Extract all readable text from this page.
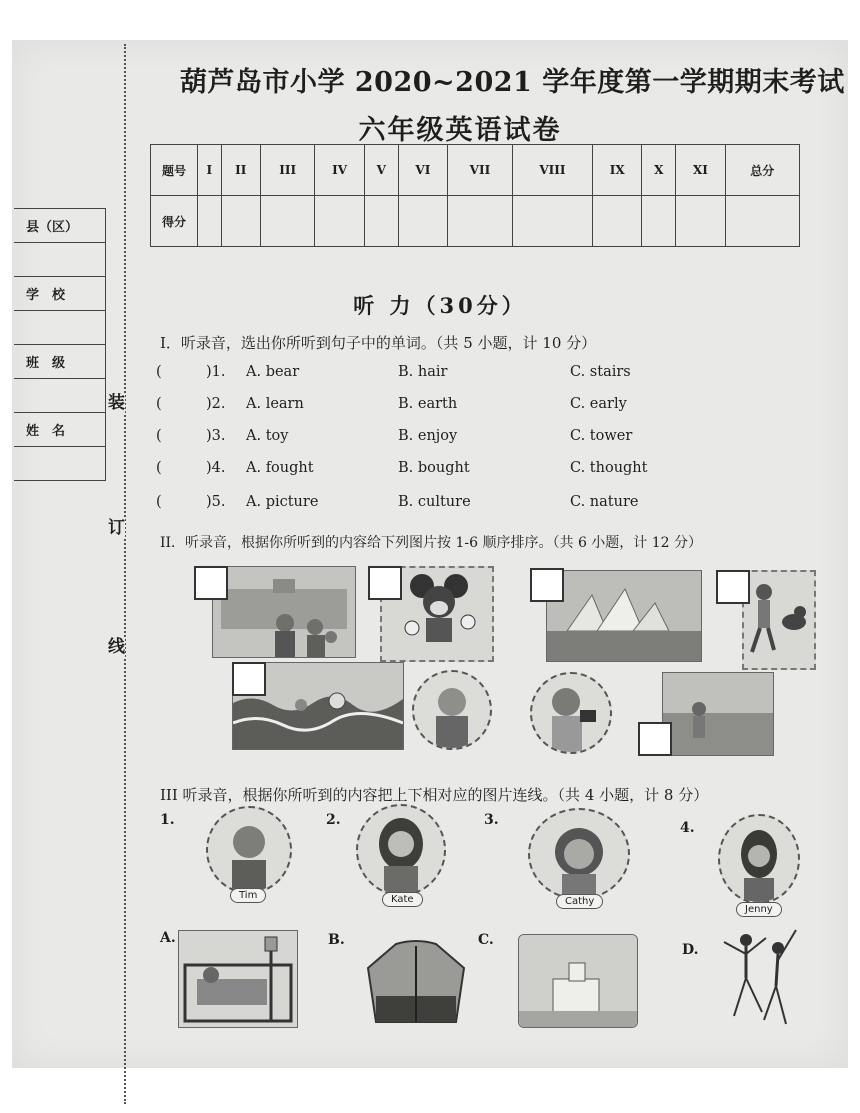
装
订
线
县（区）

学　校

班　级

姓　名

葫芦岛市小学 2020~2021 学年度第一学期期末考试
六年级英语试卷
题号	I	II	III	IV	V	VI	VII	VIII	IX	X	XI	总分
得分												
听 力（30分）
I．听录音，选出你所听到句子中的单词。（共 5 小题，计 10 分）
(	)1. A. bear	B. hair	C. stairs
(	)2. A. learn	B. earth	C. early
(	)3. A. toy	B. enjoy	C. tower
(	)4. A. fought	B. bought	C. thought
(	)5. A. picture	B. culture	C. nature
II．听录音，根据你所听到的内容给下列图片按 1-6 顺序排序。（共 6 小题，计 12 分）
III 听录音，根据你所听到的内容把上下相对应的图片连线。（共 4 小题，计 8 分）
1.
Tim
2.
Kate
3.
Cathy
4.
Jenny
A.	B.	C.
D.
